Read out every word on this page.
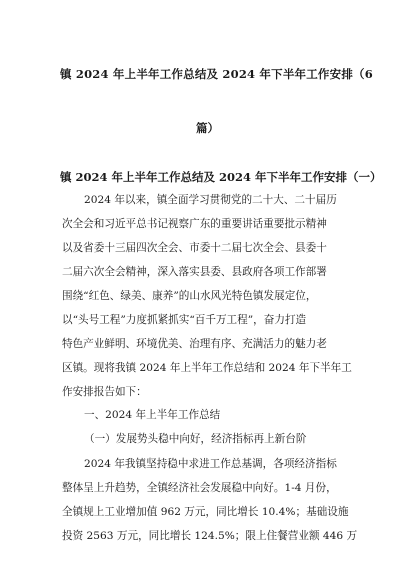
镇 2024 年上半年工作总结及 2024 年下半年工作安排（6
篇）
镇 2024 年上半年工作总结及 2024 年下半年工作安排（一）
2024 年以来，镇全面学习贯彻党的二十大、二十届历
次全会和习近平总书记视察广东的重要讲话重要批示精神
以及省委十三届四次全会、市委十二届七次全会、县委十
二届六次全会精神，深入落实县委、县政府各项工作部署
围绕“红色、绿美、康养”的山水风光特色镇发展定位，
以“头号工程”力度抓紧抓实“百千万工程”，奋力打造
特色产业鲜明、环境优美、治理有序、充满活力的魅力老
区镇。现将我镇 2024 年上半年工作总结和 2024 年下半年工
作安排报告如下：
一、2024 年上半年工作总结
（一）发展势头稳中向好，经济指标再上新台阶
2024 年我镇坚持稳中求进工作总基调，各项经济指标
整体呈上升趋势，全镇经济社会发展稳中向好。1-4 月份，
全镇规上工业增加值 962 万元，同比增长 10.4%；基础设施
投资 2563 万元，同比增长 124.5%；限上住餐营业额 446 万
